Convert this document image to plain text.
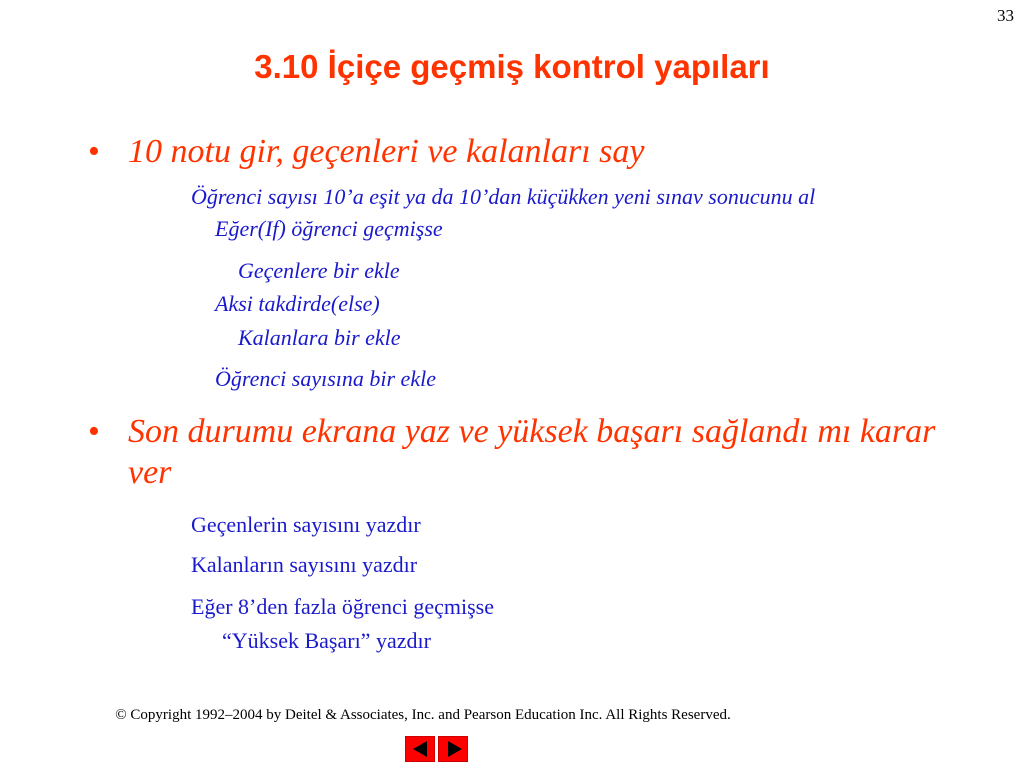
33
3.10 İçiçe geçmiş kontrol yapıları
• 10 notu gir, geçenleri ve kalanları say
Öğrenci sayısı 10’a eşit ya da 10’dan küçükken yeni sınav sonucunu al
Eğer(If) öğrenci geçmişse
Geçenlere bir ekle
Aksi takdirde(else)
Kalanlara bir ekle
Öğrenci sayısına bir ekle
• Son durumu ekrana yaz ve yüksek başarı sağlandı mı karar ver
Geçenlerin sayısını yazdır
Kalanların sayısını yazdır
Eğer 8’den fazla öğrenci geçmişse
“Yüksek Başarı” yazdır
© Copyright 1992–2004 by Deitel & Associates, Inc. and Pearson Education Inc. All Rights Reserved.
